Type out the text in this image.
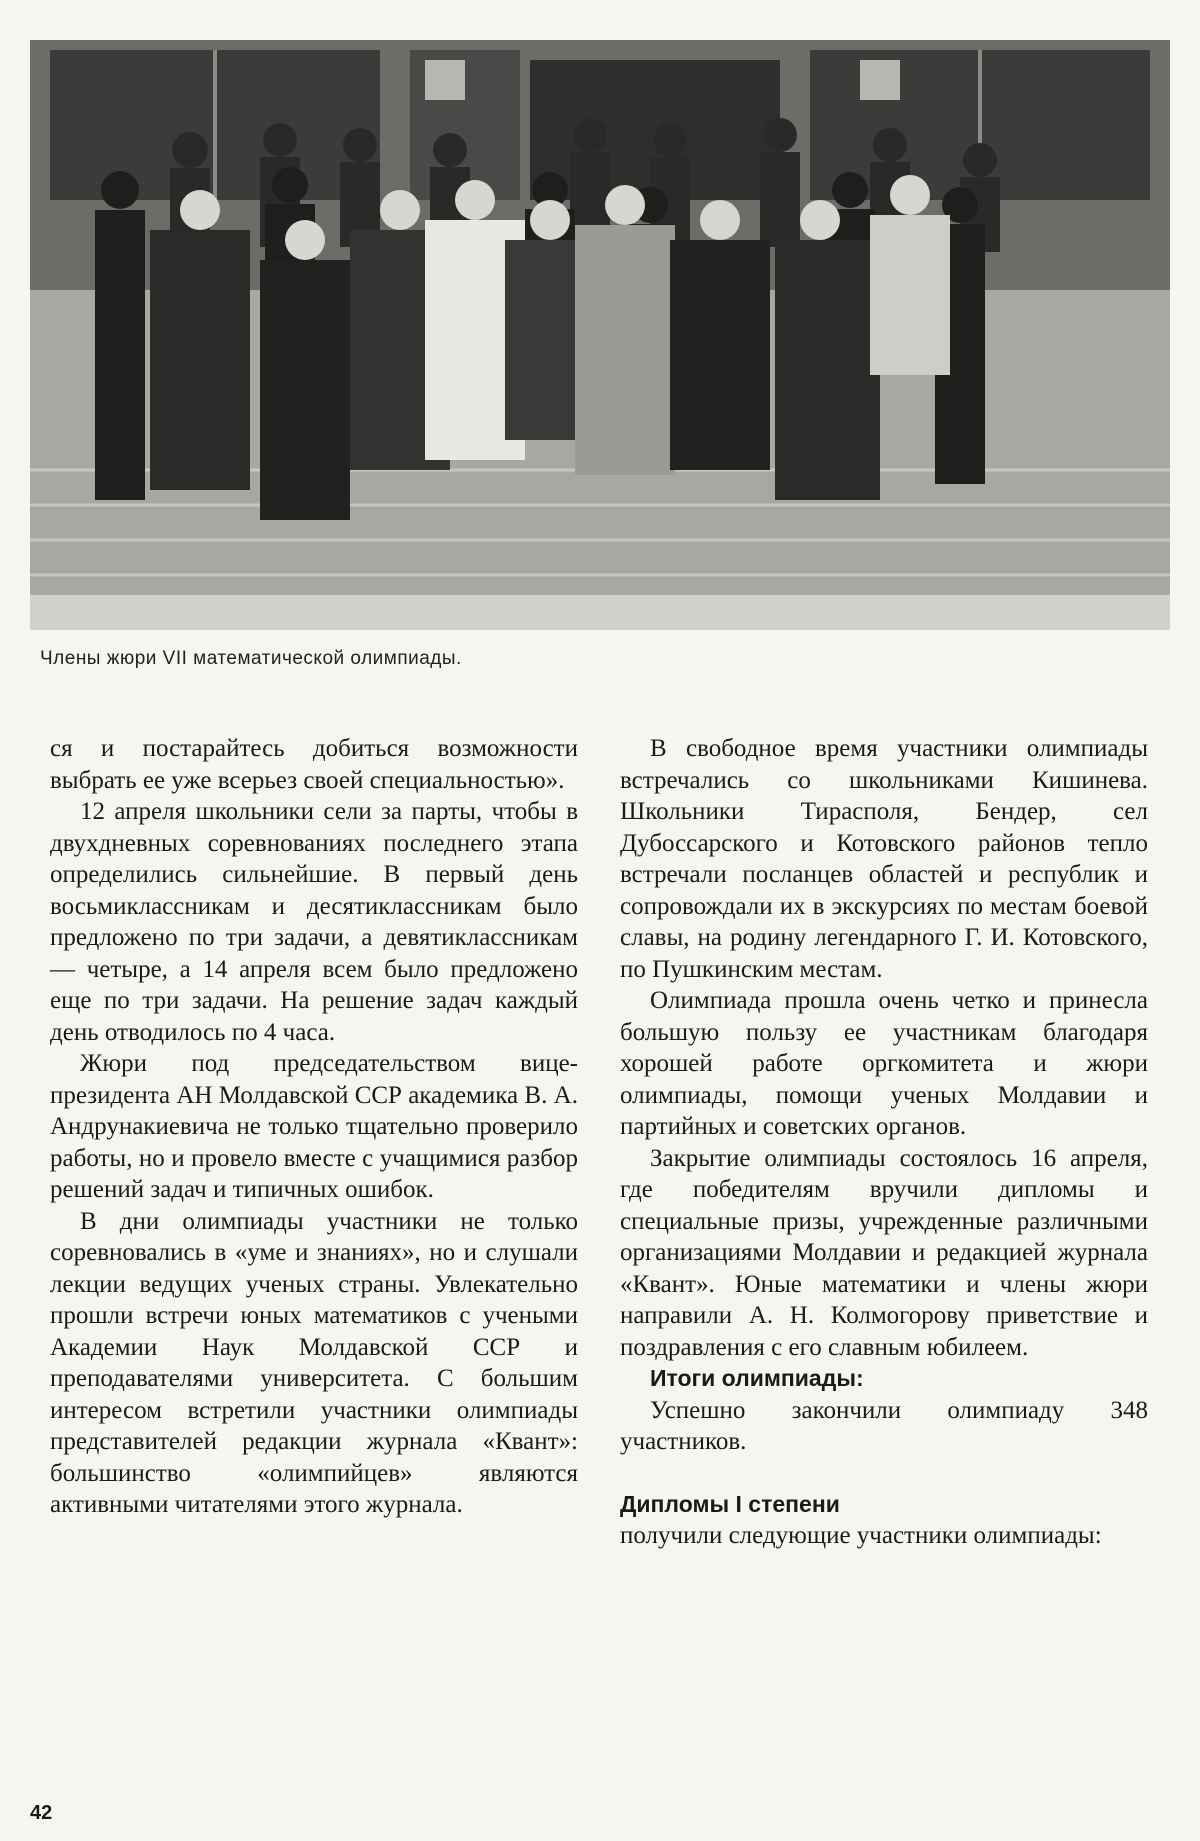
Члены жюри VII математической олимпиады.

ся и постарайтесь добиться возможности выбрать ее уже всерьез своей специальностью».

12 апреля школьники сели за парты, чтобы в двухдневных соревнованиях последнего этапа определились сильнейшие. В первый день восьмиклассникам и десятиклассникам было предложено по три задачи, а девятиклассникам — четыре, а 14 апреля всем было предложено еще по три задачи. На решение задач каждый день отводилось по 4 часа.

Жюри под председательством вице-президента АН Молдавской ССР академика В. А. Андрунакиевича не только тщательно проверило работы, но и провело вместе с учащимися разбор решений задач и типичных ошибок.

В дни олимпиады участники не только соревновались в «уме и знаниях», но и слушали лекции ведущих ученых страны. Увлекательно прошли встречи юных математиков с учеными Академии Наук Молдавской ССР и преподавателями университета. С большим интересом встретили участники олимпиады представителей редакции журнала «Квант»: большинство «олимпийцев» являются активными читателями этого журнала.

В свободное время участники олимпиады встречались со школьниками Кишинева. Школьники Тирасполя, Бендер, сел Дубоссарского и Котовского районов тепло встречали посланцев областей и республик и сопровождали их в экскурсиях по местам боевой славы, на родину легендарного Г. И. Котовского, по Пушкинским местам.

Олимпиада прошла очень четко и принесла большую пользу ее участникам благодаря хорошей работе оргкомитета и жюри олимпиады, помощи ученых Молдавии и партийных и советских органов.

Закрытие олимпиады состоялось 16 апреля, где победителям вручили дипломы и специальные призы, учрежденные различными организациями Молдавии и редакцией журнала «Квант». Юные математики и члены жюри направили А. Н. Колмогорову приветствие и поздравления с его славным юбилеем.

Итоги олимпиады:

Успешно закончили олимпиаду 348 участников.

Дипломы I степени

получили следующие участники олимпиады:

42
